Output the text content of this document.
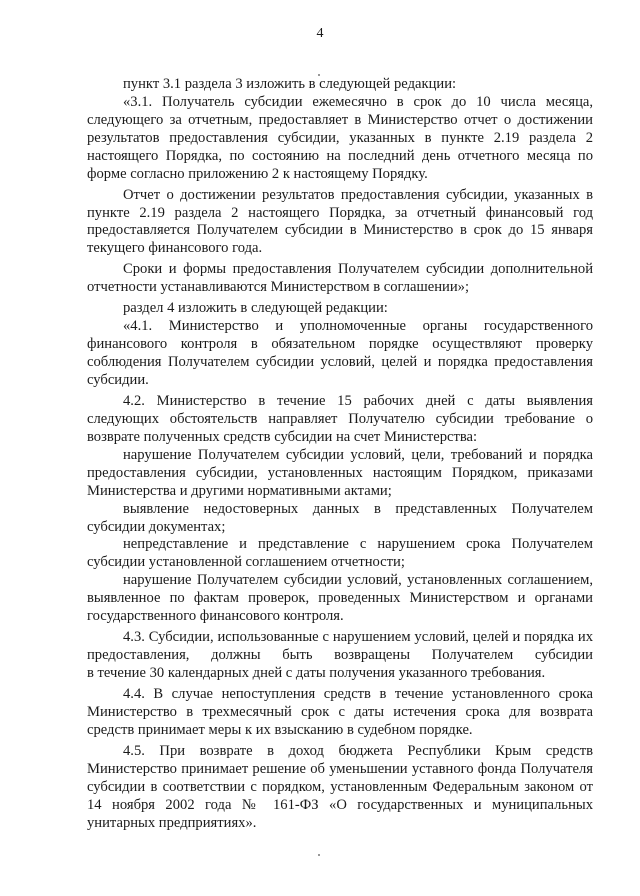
4

пункт 3.1 раздела 3 изложить в следующей редакции:

«3.1. Получатель субсидии ежемесячно в срок до 10 числа месяца, следующего за отчетным, предоставляет в Министерство отчет о достижении результатов предоставления субсидии, указанных в пункте 2.19 раздела 2 настоящего Порядка, по состоянию на последний день отчетного месяца по форме согласно приложению 2 к настоящему Порядку.

Отчет о достижении результатов предоставления субсидии, указанных в пункте 2.19 раздела 2 настоящего Порядка, за отчетный финансовый год предоставляется Получателем субсидии в Министерство в срок до 15 января текущего финансового года.

Сроки и формы предоставления Получателем субсидии дополнительной отчетности устанавливаются Министерством в соглашении»;

раздел 4 изложить в следующей редакции:

«4.1. Министерство и уполномоченные органы государственного финансового контроля в обязательном порядке осуществляют проверку соблюдения Получателем субсидии условий, целей и порядка предоставления субсидии.

4.2. Министерство в течение 15 рабочих дней с даты выявления следующих обстоятельств направляет Получателю субсидии требование о возврате полученных средств субсидии на счет Министерства:

нарушение Получателем субсидии условий, цели, требований и порядка предоставления субсидии, установленных настоящим Порядком, приказами Министерства и другими нормативными актами;

выявление недостоверных данных в представленных Получателем субсидии документах;

непредставление и представление с нарушением срока Получателем субсидии установленной соглашением отчетности;

нарушение Получателем субсидии условий, установленных соглашением, выявленное по фактам проверок, проведенных Министерством и органами государственного финансового контроля.

4.3. Субсидии, использованные с нарушением условий, целей и порядка их предоставления, должны быть возвращены Получателем субсидии

в течение 30 календарных дней с даты получения указанного требования.

4.4. В случае непоступления средств в течение установленного срока Министерство в трехмесячный срок с даты истечения срока для возврата средств принимает меры к их взысканию в судебном порядке.

4.5. При возврате в доход бюджета Республики Крым средств Министерство принимает решение об уменьшении уставного фонда Получателя субсидии в соответствии с порядком, установленным Федеральным законом от 14 ноября 2002 года № 161-ФЗ «О государственных и муниципальных унитарных предприятиях».
